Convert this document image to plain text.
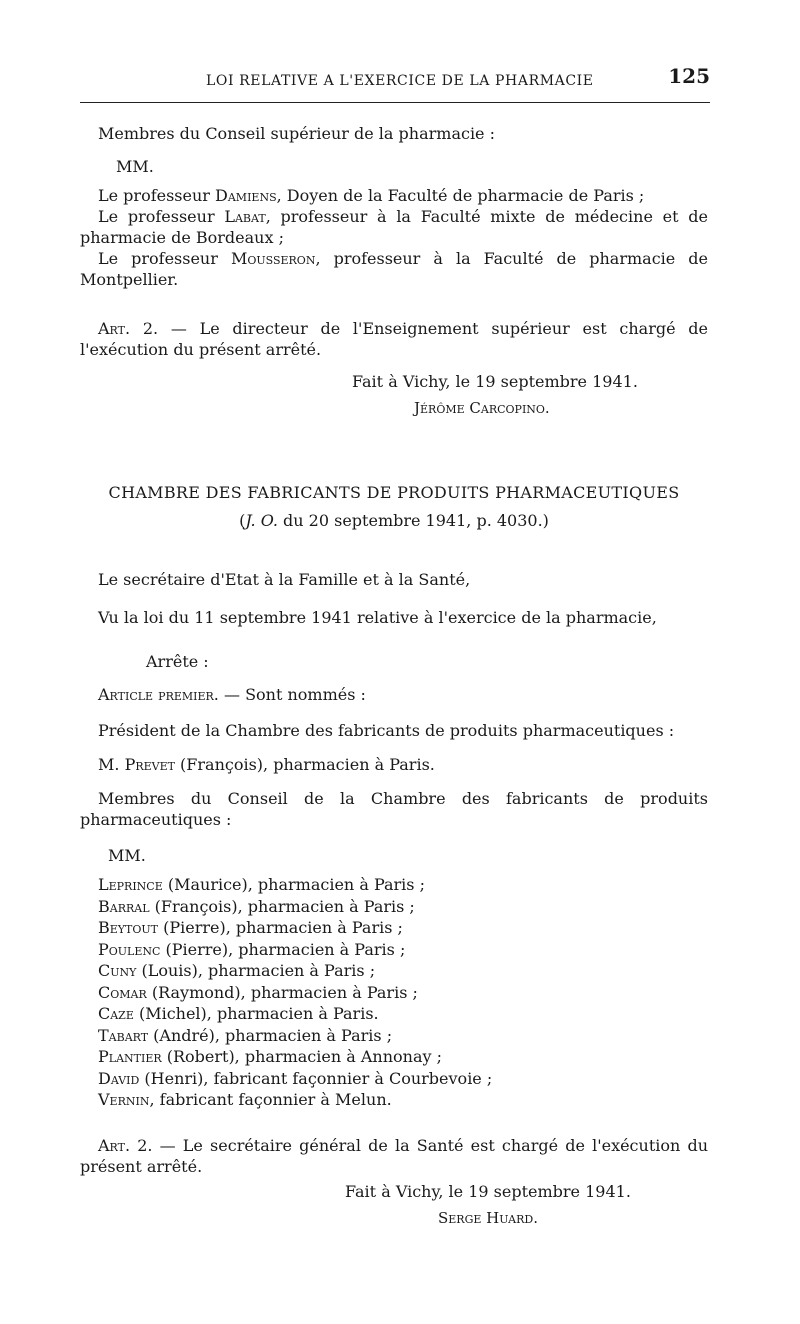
LOI RELATIVE A L'EXERCICE DE LA PHARMACIE	125

Membres du Conseil supérieur de la pharmacie :

MM.

Le professeur Damiens, Doyen de la Faculté de pharmacie de Paris ;

Le professeur Labat, professeur à la Faculté mixte de médecine et de pharmacie de Bordeaux ;

Le professeur Mousseron, professeur à la Faculté de pharmacie de Montpellier.

Art. 2. — Le directeur de l'Enseignement supérieur est chargé de l'exécution du présent arrêté.

Fait à Vichy, le 19 septembre 1941.
Jérôme Carcopino.
CHAMBRE DES FABRICANTS DE PRODUITS PHARMACEUTIQUES
(J. O. du 20 septembre 1941, p. 4030.)

Le secrétaire d'Etat à la Famille et à la Santé,

Vu la loi du 11 septembre 1941 relative à l'exercice de la pharmacie,

Arrête :

Article premier. — Sont nommés :

Président de la Chambre des fabricants de produits pharmaceutiques :

M. Prevet (François), pharmacien à Paris.

Membres du Conseil de la Chambre des fabricants de produits pharmaceutiques :

MM.

Leprince (Maurice), pharmacien à Paris ;

Barral (François), pharmacien à Paris ;

Beytout (Pierre), pharmacien à Paris ;

Poulenc (Pierre), pharmacien à Paris ;

Cuny (Louis), pharmacien à Paris ;

Comar (Raymond), pharmacien à Paris ;

Caze (Michel), pharmacien à Paris.

Tabart (André), pharmacien à Paris ;

Plantier (Robert), pharmacien à Annonay ;

David (Henri), fabricant façonnier à Courbevoie ;

Vernin, fabricant façonnier à Melun.

Art. 2. — Le secrétaire général de la Santé est chargé de l'exécution du présent arrêté.

Fait à Vichy, le 19 septembre 1941.
Serge Huard.
